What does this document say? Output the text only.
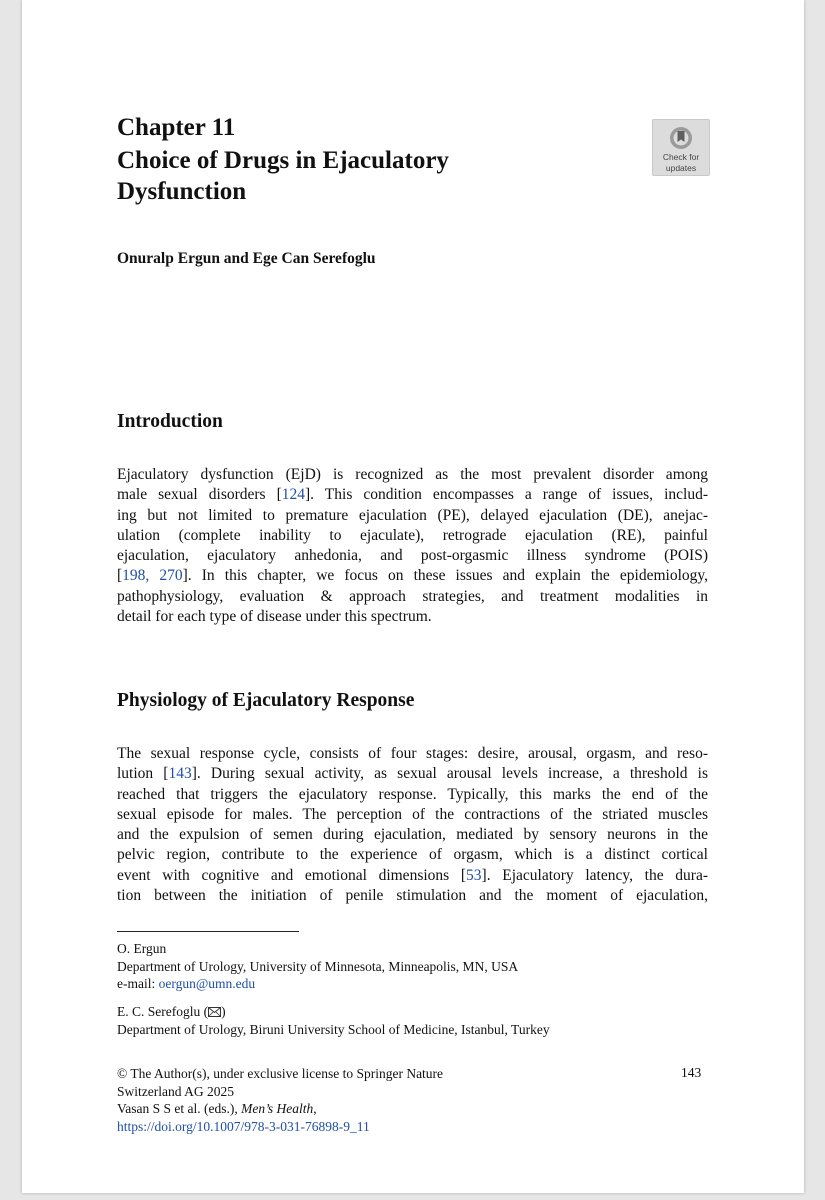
Chapter 11
Choice of Drugs in Ejaculatory
Dysfunction
Check for
updates
Onuralp Ergun and Ege Can Serefoglu
Introduction
Ejaculatory dysfunction (EjD) is recognized as the most prevalent disorder among
male sexual disorders [124]. This condition encompasses a range of issues, includ-
ing but not limited to premature ejaculation (PE), delayed ejaculation (DE), anejac-
ulation (complete inability to ejaculate), retrograde ejaculation (RE), painful
ejaculation, ejaculatory anhedonia, and post-orgasmic illness syndrome (POIS)
[198, 270]. In this chapter, we focus on these issues and explain the epidemiology,
pathophysiology, evaluation & approach strategies, and treatment modalities in
detail for each type of disease under this spectrum.
Physiology of Ejaculatory Response
The sexual response cycle, consists of four stages: desire, arousal, orgasm, and reso-
lution [143]. During sexual activity, as sexual arousal levels increase, a threshold is
reached that triggers the ejaculatory response. Typically, this marks the end of the
sexual episode for males. The perception of the contractions of the striated muscles
and the expulsion of semen during ejaculation, mediated by sensory neurons in the
pelvic region, contribute to the experience of orgasm, which is a distinct cortical
event with cognitive and emotional dimensions [53]. Ejaculatory latency, the dura-
tion between the initiation of penile stimulation and the moment of ejaculation,
O. Ergun
Department of Urology, University of Minnesota, Minneapolis, MN, USA
e-mail: oergun@umn.edu
E. C. Serefoglu ( )
Department of Urology, Biruni University School of Medicine, Istanbul, Turkey
© The Author(s), under exclusive license to Springer Nature
Switzerland AG 2025
Vasan S S et al. (eds.), Men’s Health,
https://doi.org/10.1007/978-3-031-76898-9_11
143
